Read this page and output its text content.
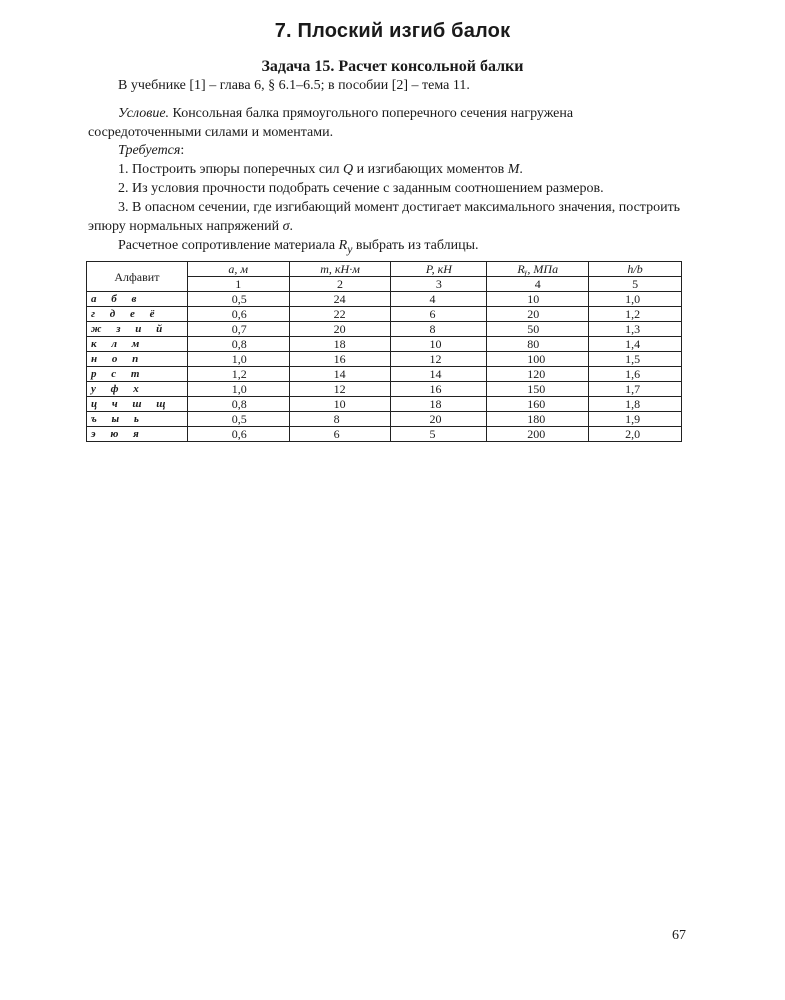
7. Плоский изгиб балок
Задача 15. Расчет консольной балки

В учебнике [1] – глава 6, § 6.1–6.5; в пособии [2] – тема 11.

Условие. Консольная балка прямоугольного поперечного сечения нагружена сосредоточенными силами и моментами.

Требуется:

1. Построить эпюры поперечных сил Q и изгибающих моментов M.

2. Из условия прочности подобрать сечение с заданным соотношением размеров.

3. В опасном сечении, где изгибающий момент достигает максимального значения, построить эпюру нормальных напряжений σ.

Расчетное сопротивление материала $R_y$ выбрать из таблицы.

Алфавит	a, м	m, кН·м	P, кН	Rᵧ, МПа	h/b
	1	2	3	4	5
а б в	0,5	24	4	10	1,0
г д е ё	0,6	22	6	20	1,2
ж з и й	0,7	20	8	50	1,3
к л м	0,8	18	10	80	1,4
н о п	1,0	16	12	100	1,5
р с т	1,2	14	14	120	1,6
у ф х	1,0	12	16	150	1,7
ц ч ш щ	0,8	10	18	160	1,8
ъ ы ь	0,5	8	20	180	1,9
э ю я	0,6	6	5	200	2,0
67
